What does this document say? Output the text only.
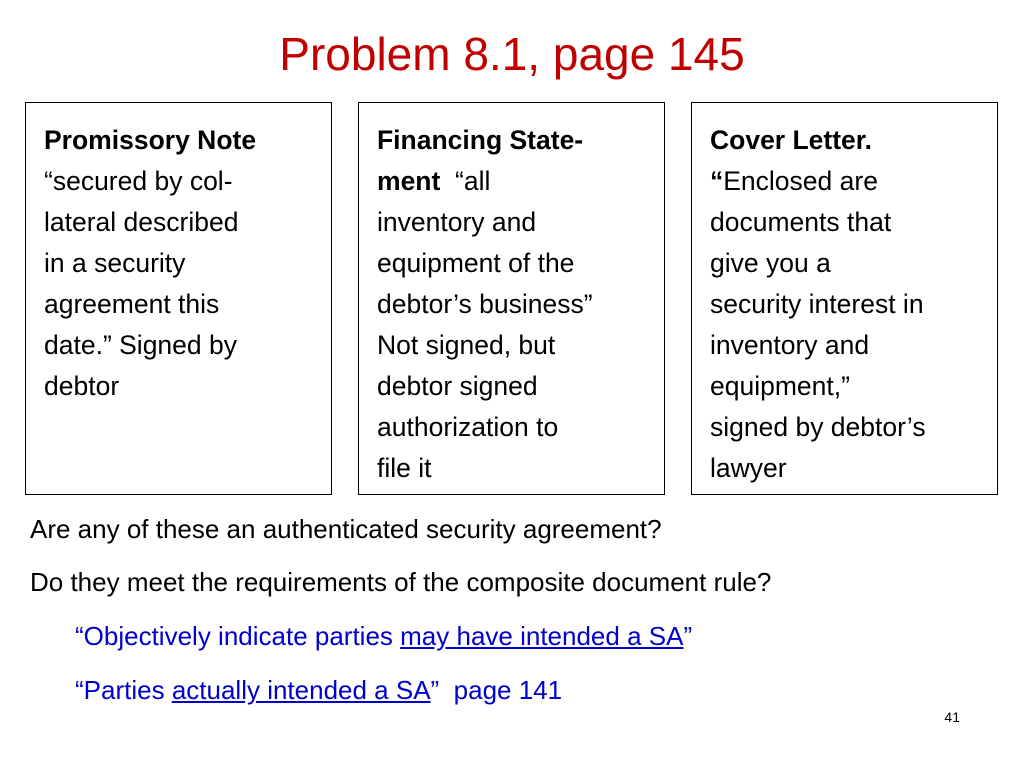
Problem 8.1, page 145
Promissory Note
“secured by col-
lateral described
in a security
agreement this
date.” Signed by
debtor
Financing State-
ment  “all
inventory and
equipment of the
debtor’s business”
Not signed, but
debtor signed
authorization to
file it
Cover Letter.
“Enclosed are
documents that
give you a
security interest in
inventory and
equipment,”
signed by debtor’s
lawyer
Are any of these an authenticated security agreement?
Do they meet the requirements of the composite document rule?
“Objectively indicate parties may have intended a SA”
“Parties actually intended a SA”  page 141
41
